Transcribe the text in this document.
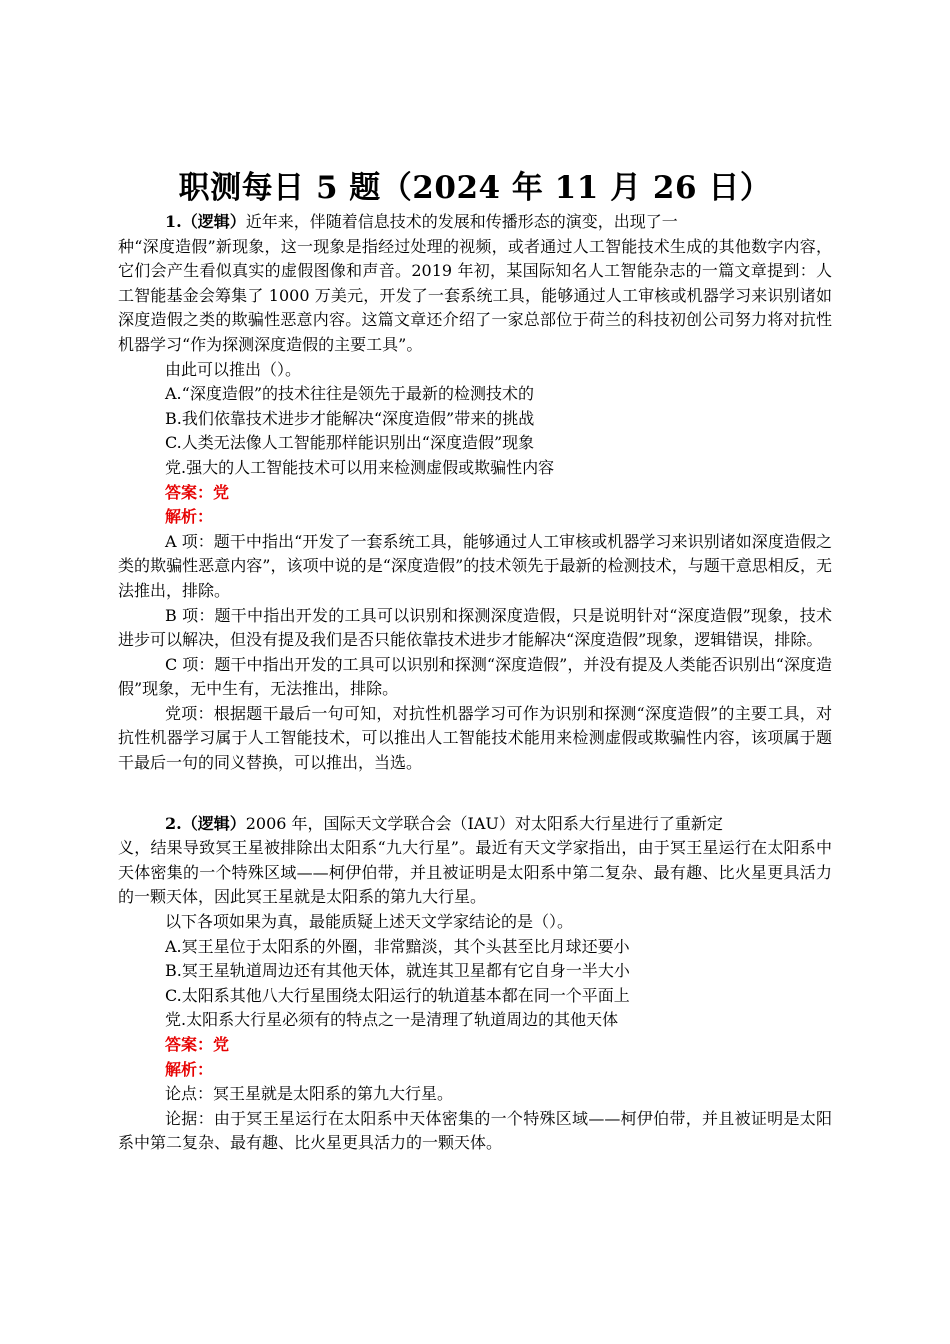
职测每日 5 题（2024 年 11 月 26 日）

1.（逻辑）近年来，伴随着信息技术的发展和传播形态的演变，出现了一

种“深度造假”新现象，这一现象是指经过处理的视频，或者通过人工智能技术生成的其他数字内容，它们会产生看似真实的虚假图像和声音。2019 年初，某国际知名人工智能杂志的一篇文章提到：人工智能基金会筹集了 1000 万美元，开发了一套系统工具，能够通过人工审核或机器学习来识别诸如深度造假之类的欺骗性恶意内容。这篇文章还介绍了一家总部位于荷兰的科技初创公司努力将对抗性机器学习“作为探测深度造假的主要工具”。

由此可以推出（）。

A.“深度造假”的技术往往是领先于最新的检测技术的

B.我们依靠技术进步才能解决“深度造假”带来的挑战

C.人类无法像人工智能那样能识别出“深度造假”现象

党.强大的人工智能技术可以用来检测虚假或欺骗性内容

答案：党

解析：

A 项：题干中指出“开发了一套系统工具，能够通过人工审核或机器学习来识别诸如深度造假之类的欺骗性恶意内容”，该项中说的是“深度造假”的技术领先于最新的检测技术，与题干意思相反，无法推出，排除。

B 项：题干中指出开发的工具可以识别和探测深度造假，只是说明针对“深度造假”现象，技术进步可以解决，但没有提及我们是否只能依靠技术进步才能解决“深度造假”现象，逻辑错误，排除。

C 项：题干中指出开发的工具可以识别和探测“深度造假”，并没有提及人类能否识别出“深度造假”现象，无中生有，无法推出，排除。

党项：根据题干最后一句可知，对抗性机器学习可作为识别和探测“深度造假”的主要工具，对抗性机器学习属于人工智能技术，可以推出人工智能技术能用来检测虚假或欺骗性内容，该项属于题干最后一句的同义替换，可以推出，当选。

2.（逻辑）2006 年，国际天文学联合会（IAU）对太阳系大行星进行了重新定

义，结果导致冥王星被排除出太阳系“九大行星”。最近有天文学家指出，由于冥王星运行在太阳系中天体密集的一个特殊区域——柯伊伯带，并且被证明是太阳系中第二复杂、最有趣、比火星更具活力的一颗天体，因此冥王星就是太阳系的第九大行星。

以下各项如果为真，最能质疑上述天文学家结论的是（）。

A.冥王星位于太阳系的外圈，非常黯淡，其个头甚至比月球还要小

B.冥王星轨道周边还有其他天体，就连其卫星都有它自身一半大小

C.太阳系其他八大行星围绕太阳运行的轨道基本都在同一个平面上

党.太阳系大行星必须有的特点之一是清理了轨道周边的其他天体

答案：党

解析：

论点：冥王星就是太阳系的第九大行星。

论据：由于冥王星运行在太阳系中天体密集的一个特殊区域——柯伊伯带，并且被证明是太阳系中第二复杂、最有趣、比火星更具活力的一颗天体。
